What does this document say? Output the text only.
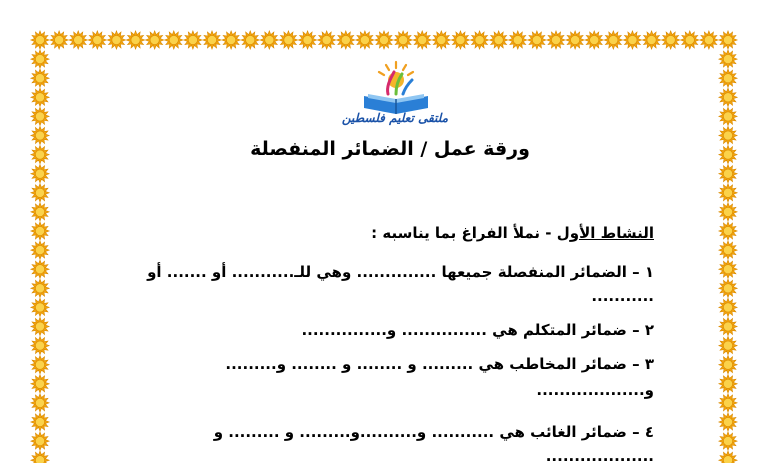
ملتقى تعليم فلسطين
ورقة عمل / الضمائر المنفصلة
النشاط الأول - نملأ الفراغ بما يناسبه :
١ – الضمائر المنفصلة جميعها .............. وهي للـ........... أو ....... أو
...........
٢ – ضمائر المتكلم هي ............... و...............
٣ – ضمائر المخاطب هي ......... و ........ و ........ و.........
و...................
٤ – ضمائر الغائب هي ........... و..........و......... و ......... و
...................
